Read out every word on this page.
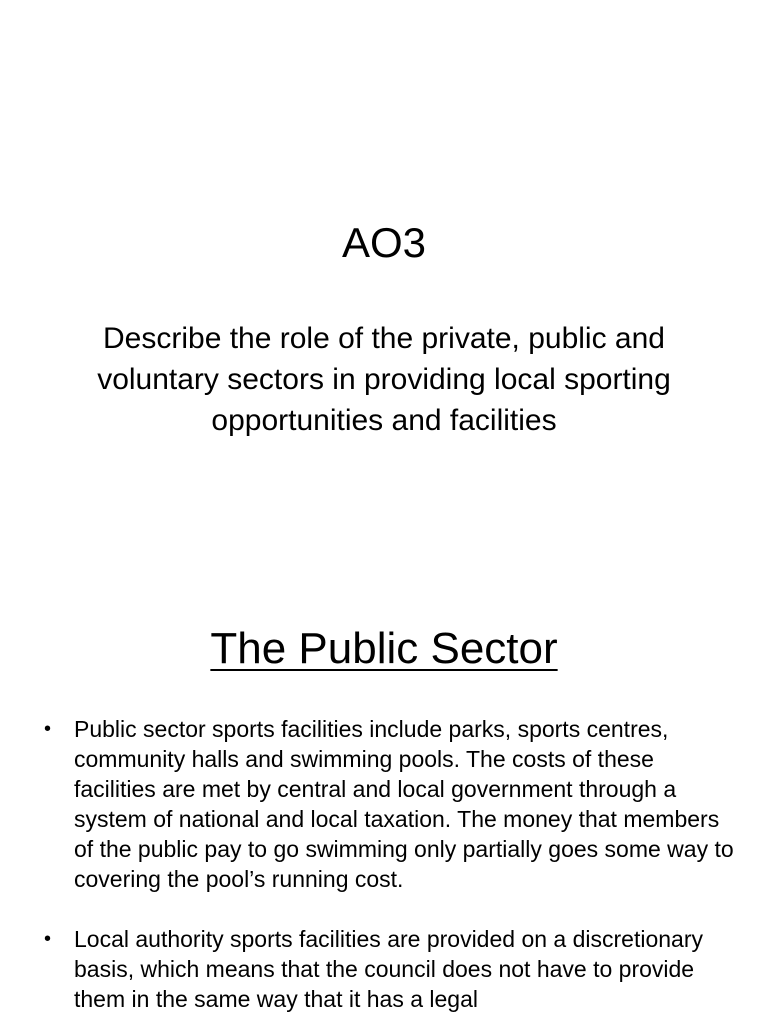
AO3
Describe the role of the private, public and voluntary sectors in providing local sporting opportunities and facilities
The Public Sector
• Public sector sports facilities include parks, sports centres, community halls and swimming pools. The costs of these facilities are met by central and local government through a system of national and local taxation. The money that members of the public pay to go swimming only partially goes some way to covering the pool’s running cost.
• Local authority sports facilities are provided on a discretionary basis, which means that the council does not have to provide them in the same way that it has a legal
